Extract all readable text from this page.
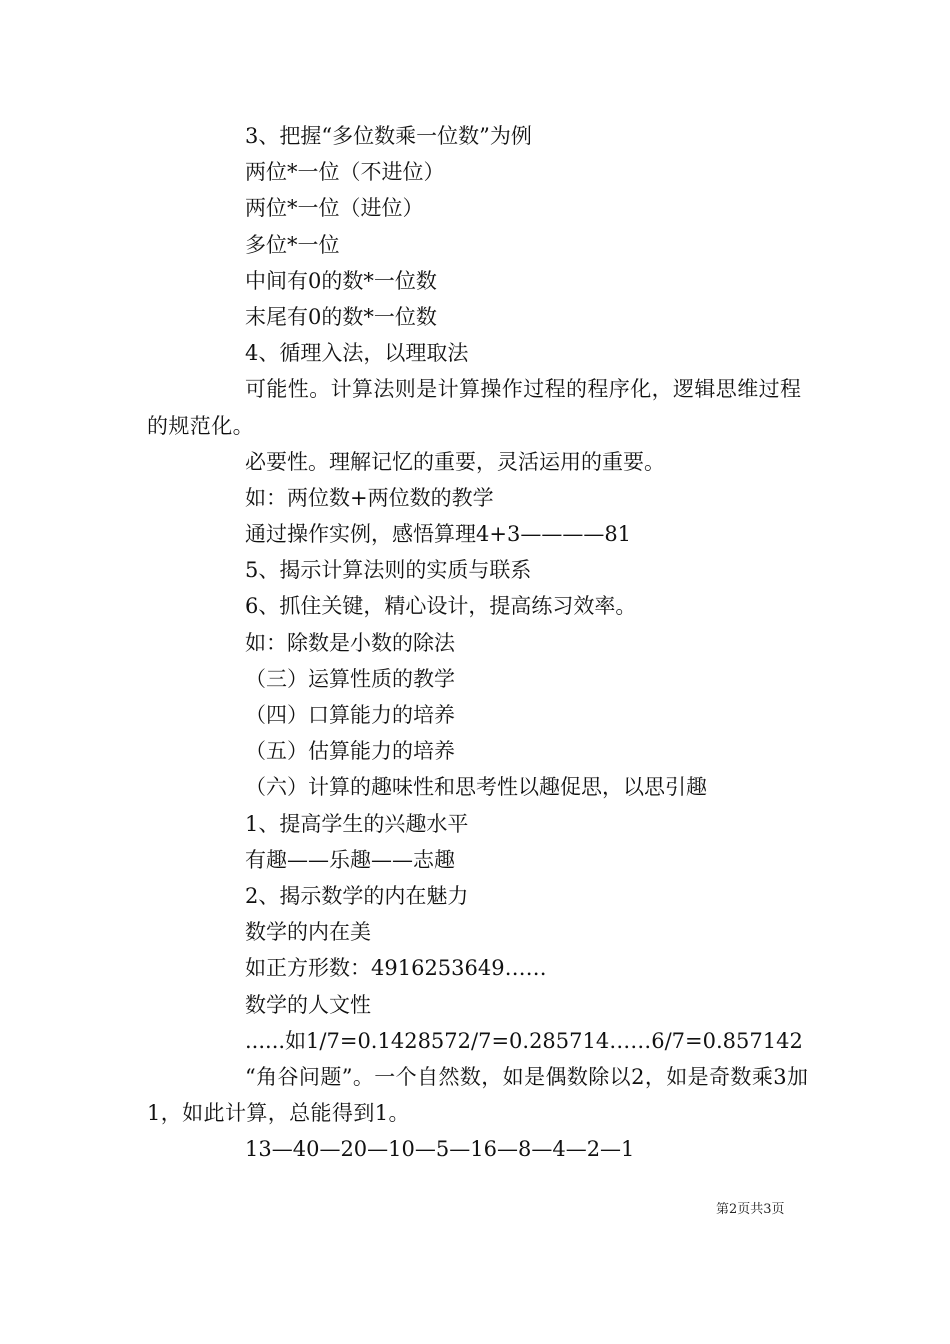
3、把握“多位数乘一位数”为例
两位*一位（不进位）
两位*一位（进位）
多位*一位
中间有0的数*一位数
末尾有0的数*一位数
4、循理入法，以理取法

可能性。计算法则是计算操作过程的程序化，逻辑思维过程的规范化。

必要性。理解记忆的重要，灵活运用的重要。
如：两位数+两位数的教学
通过操作实例，感悟算理4+3————81
5、揭示计算法则的实质与联系
6、抓住关键，精心设计，提高练习效率。
如：除数是小数的除法
（三）运算性质的教学
（四）口算能力的培养
（五）估算能力的培养
（六）计算的趣味性和思考性以趣促思，以思引趣
1、提高学生的兴趣水平
有趣——乐趣——志趣
2、揭示数学的内在魅力
数学的内在美
如正方形数：4916253649……
数学的人文性
......如1/7=0.1428572/7=0.285714……6/7=0.857142

“角谷问题”。一个自然数，如是偶数除以2，如是奇数乘3加1，如此计算，总能得到1。

13—40—20—10—5—16—8—4—2—1
第2页共3页
